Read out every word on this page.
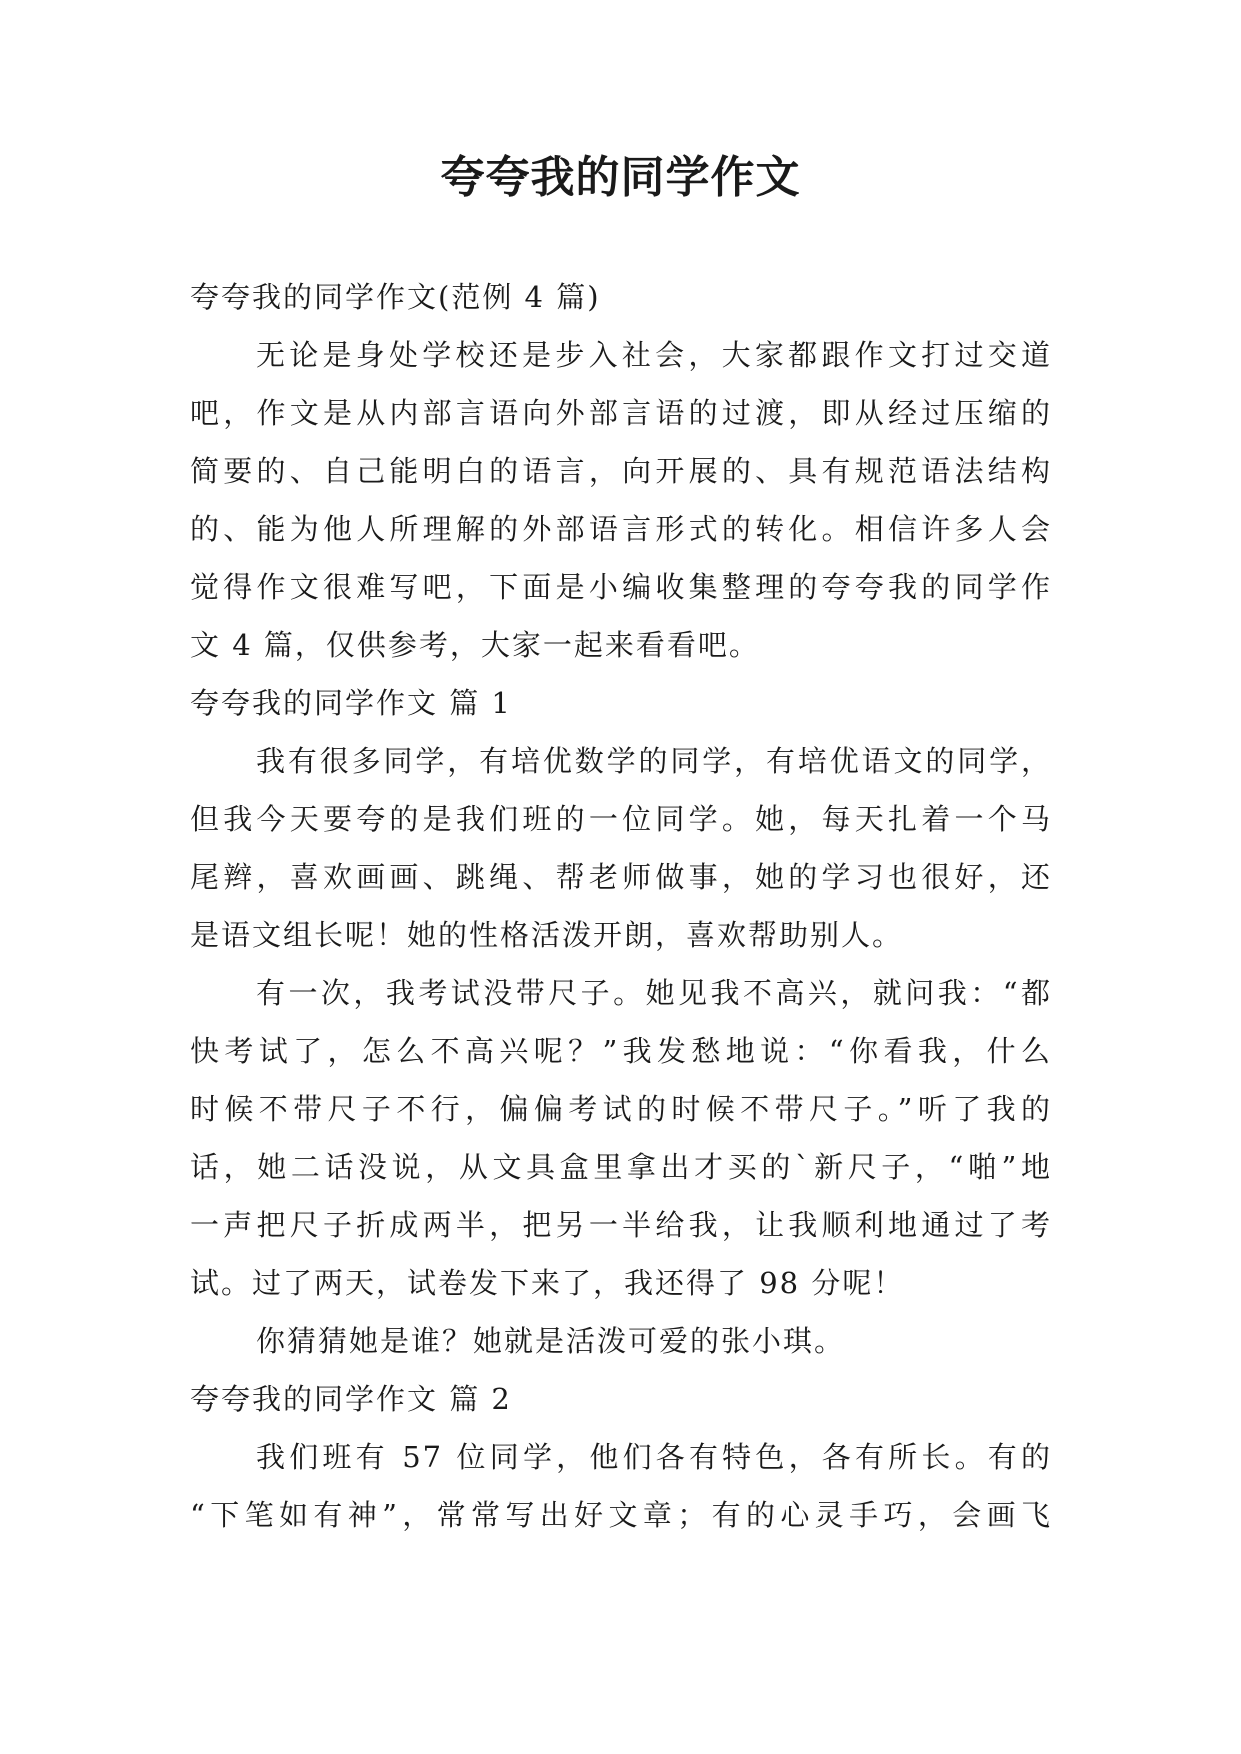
夸夸我的同学作文

夸夸我的同学作文(范例 4 篇)

无论是身处学校还是步入社会，大家都跟作文打过交道

吧，作文是从内部言语向外部言语的过渡，即从经过压缩的

简要的、自己能明白的语言，向开展的、具有规范语法结构

的、能为他人所理解的外部语言形式的转化。相信许多人会

觉得作文很难写吧，下面是小编收集整理的夸夸我的同学作

文 4 篇，仅供参考，大家一起来看看吧。

夸夸我的同学作文 篇 1

我有很多同学，有培优数学的同学，有培优语文的同学，

但我今天要夸的是我们班的一位同学。她，每天扎着一个马

尾辫，喜欢画画、跳绳、帮老师做事，她的学习也很好，还

是语文组长呢！她的性格活泼开朗，喜欢帮助别人。

有一次，我考试没带尺子。她见我不高兴，就问我：“都

快考试了，怎么不高兴呢？”我发愁地说：“你看我，什么

时候不带尺子不行，偏偏考试的时候不带尺子。”听了我的

话，她二话没说，从文具盒里拿出才买的`新尺子，“啪”地

一声把尺子折成两半，把另一半给我，让我顺利地通过了考

试。过了两天，试卷发下来了，我还得了 98 分呢！

你猜猜她是谁？她就是活泼可爱的张小琪。

夸夸我的同学作文 篇 2

我们班有 57 位同学，他们各有特色，各有所长。有的

“下笔如有神”，常常写出好文章；有的心灵手巧，会画飞
